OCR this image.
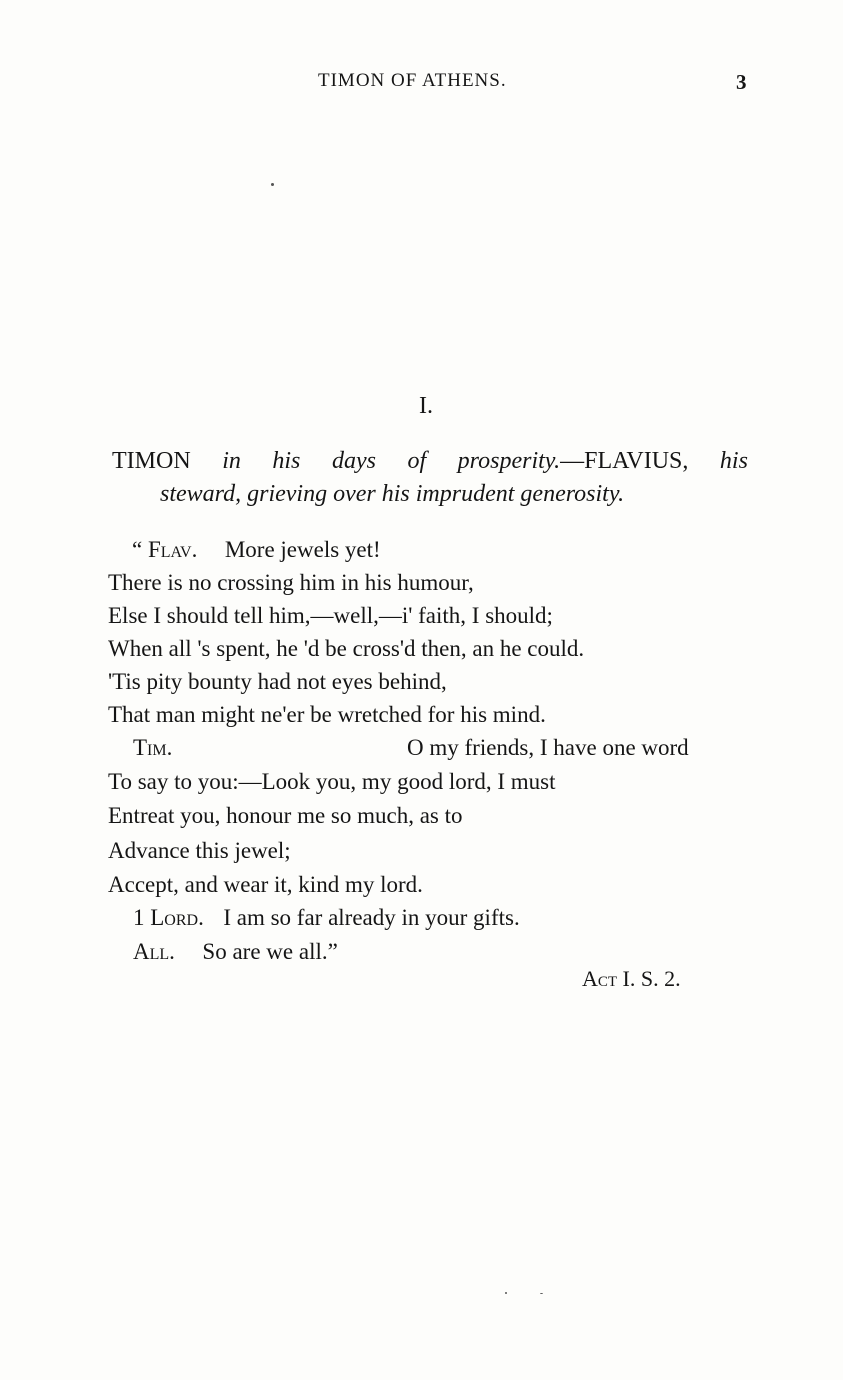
TIMON OF ATHENS.	3
I.
TIMON in his days of prosperity.—FLAVIUS, his
steward, grieving over his imprudent generosity.
“ Flav. More jewels yet!
There is no crossing him in his humour,
Else I should tell him,—well,—i' faith, I should;
When all 's spent, he 'd be cross'd then, an he could.
'Tis pity bounty had not eyes behind,
That man might ne'er be wretched for his mind.
Tim.	O my friends, I have one word
To say to you:—Look you, my good lord, I must
Entreat you, honour me so much, as to
Advance this jewel;
Accept, and wear it, kind my lord.
1 Lord. I am so far already in your gifts.
All. So are we all.”
Act I. S. 2.
